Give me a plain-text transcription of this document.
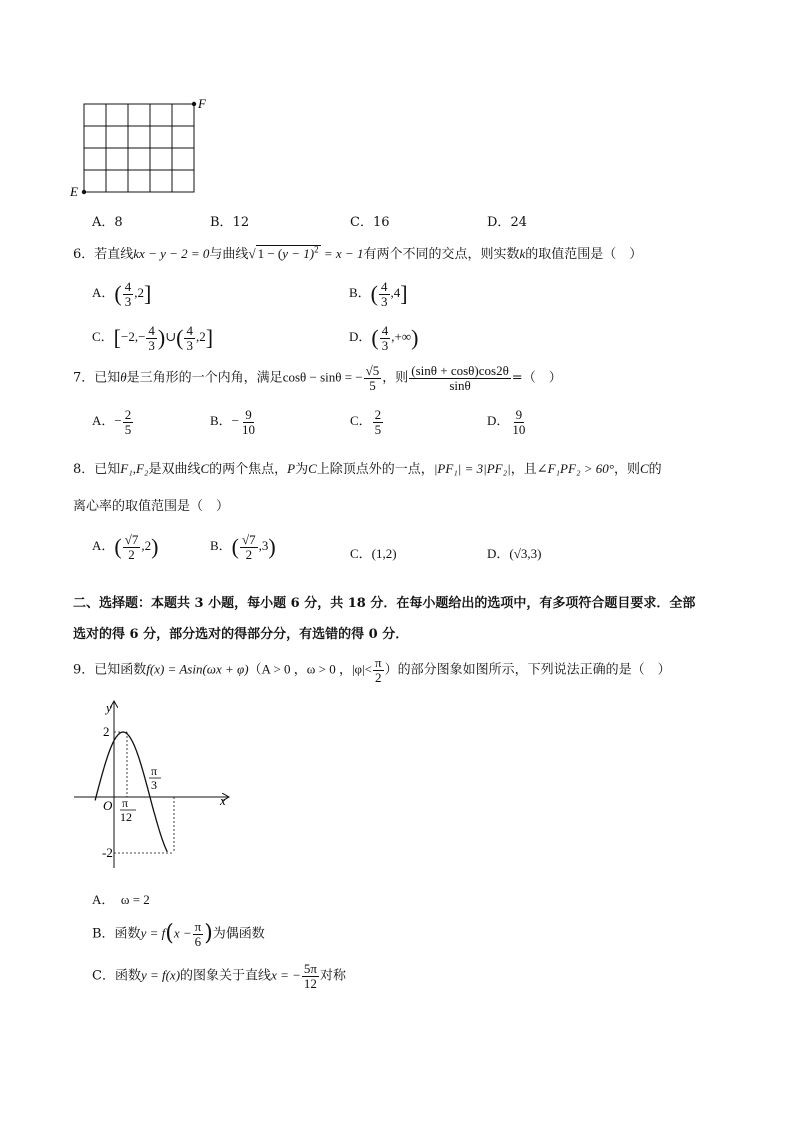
F
E
A．8	B．12	C．16	D．24
6．若直线kx − y − 2 = 0与曲线√ $1 - (y - 1)^2 = x - 1$有两个不同的交点，则实数k的取值范围是（　）
A．( $\frac{4}{3} ,2$]	B．( $\frac{4}{3} ,4$]
C．[$-2,- \frac{4}{3}$ )∪( $\frac{4}{3} ,2$]	D．( $\frac{4}{3}$ ,+∞)
7．已知θ是三角形的一个内角，满足cosθ − sinθ = − $\frac{√5}{5}$ ，则 $\frac{(\sin\theta + \cos\theta)\cos 2\theta}{\sin\theta}$ =（　）
A．− $\frac{2}{5}$	B．− $\frac{9}{10}$	C． $\frac{2}{5}$	D． $\frac{9}{10}$
8．已知F₁,F₂是双曲线C的两个焦点，P为C上除顶点外的一点，|PF₁| = 3|PF₂|，且∠F₁PF₂ > 60°，则C的
离心率的取值范围是（　）
A．( $\frac{√7}{2} ,2$)	B．( $\frac{√7}{2} ,3$)	C．(1,2)	D．(√3,3)
二、选择题：本题共 3 小题，每小题 6 分，共 18 分．在每小题给出的选项中，有多项符合题目要求．全部
选对的得 6 分，部分选对的得部分分，有选错的得 0 分．
9．已知函数f(x) = Asin(ωx + φ)（A > 0 ，ω > 0 ，$|\varphi|< \frac{\pi}{2}$ ）的部分图象如图所示，下列说法正确的是（　）
y
x
O
2
-2
π
12
π
3
A．　ω = 2
B．函数$y = f(x - \frac{\pi}{6}$ )为偶函数
C．函数y = f(x)的图象关于直线x = − $\frac{5\pi}{12}$ 对称
